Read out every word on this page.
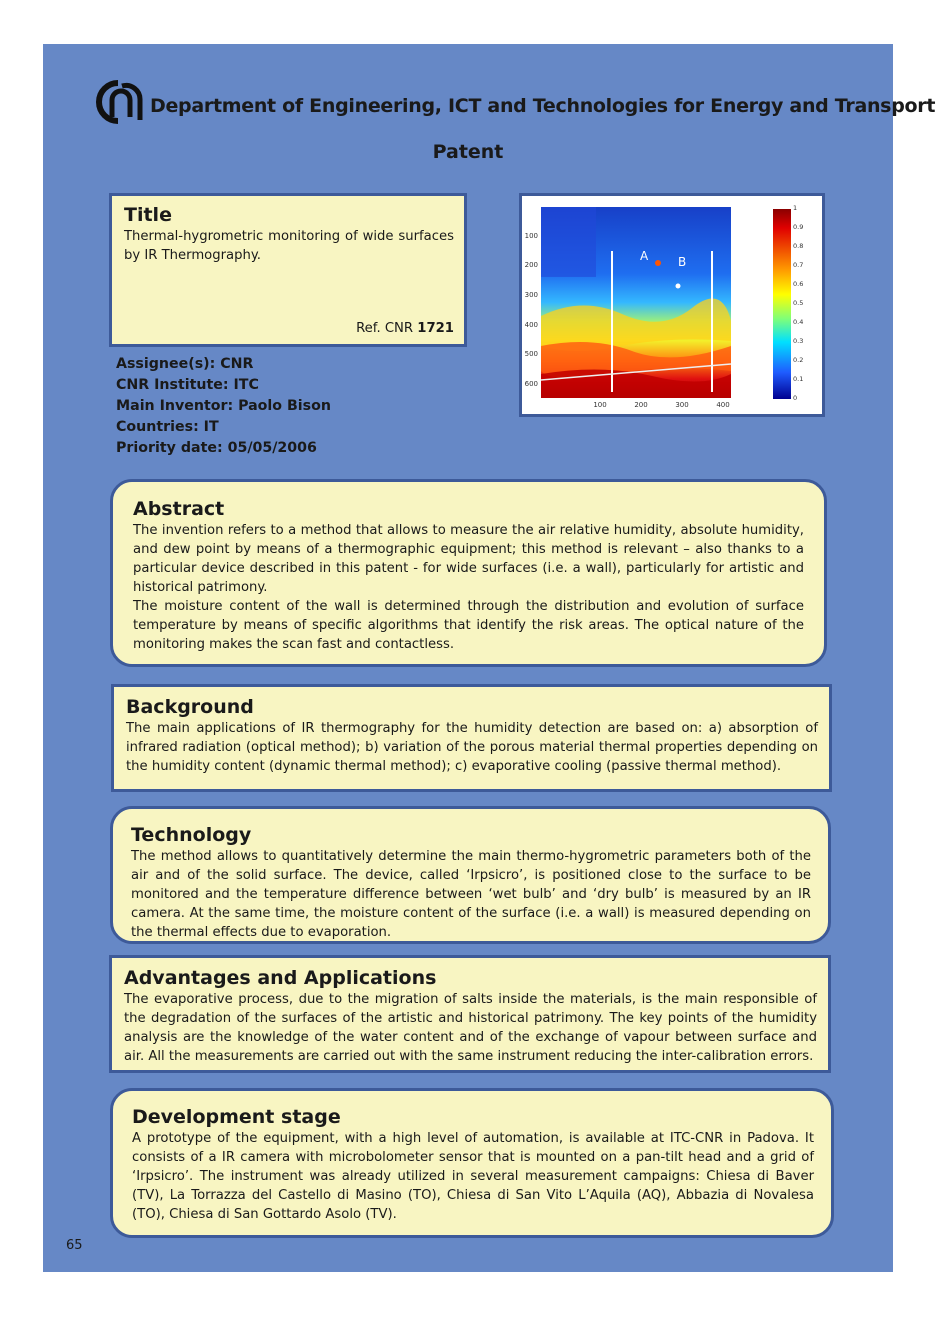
Department of Engineering, ICT and Technologies for Energy and Transport
Patent
Title

Thermal-hygrometric monitoring of wide surfaces by IR Thermography.

Ref. CNR 1721
A B
100
200
300
400
500
600
100	200	300	400
1
0.9
0.8
0.7
0.6
0.5
0.4
0.3
0.2
0.1
0
Assignee(s): CNR
CNR Institute: ITC
Main Inventor: Paolo Bison
Countries: IT
Priority date: 05/05/2006
Abstract

The invention refers to a method that allows to measure the air relative humidity, absolute humidity, and dew point by means of a thermographic equipment; this method is relevant – also thanks to a particular device described in this patent - for wide surfaces (i.e. a wall), particularly for artistic and historical patrimony.

The moisture content of the wall is determined through the distribution and evolution of surface temperature by means of specific algorithms that identify the risk areas. The optical nature of the monitoring makes the scan fast and contactless.

Background

The main applications of IR thermography for the humidity detection are based on: a) absorption of infrared radiation (optical method); b) variation of the porous material thermal properties depending on the humidity content (dynamic thermal method); c) evaporative cooling (passive thermal method).

Technology

The method allows to quantitatively determine the main thermo-hygrometric parameters both of the air and of the solid surface. The device, called ‘Irpsicro’, is positioned close to the surface to be monitored and the temperature difference between ‘wet bulb’ and ‘dry bulb’ is measured by an IR camera. At the same time, the moisture content of the surface (i.e. a wall) is measured depending on the thermal effects due to evaporation.

Advantages and Applications

The evaporative process, due to the migration of salts inside the materials, is the main responsible of the degradation of the surfaces of the artistic and historical patrimony. The key points of the humidity analysis are the knowledge of the water content and of the exchange of vapour between surface and air. All the measurements are carried out with the same instrument reducing the inter-calibration errors.

Development stage

A prototype of the equipment, with a high level of automation, is available at ITC-CNR in Padova. It consists of a IR camera with microbolometer sensor that is mounted on a pan-tilt head and a grid of ‘Irpsicro’. The instrument was already utilized in several measurement campaigns: Chiesa di Baver (TV), La Torrazza del Castello di Masino (TO), Chiesa di San Vito L’Aquila (AQ), Abbazia di Novalesa (TO), Chiesa di San Gottardo Asolo (TV).

65
